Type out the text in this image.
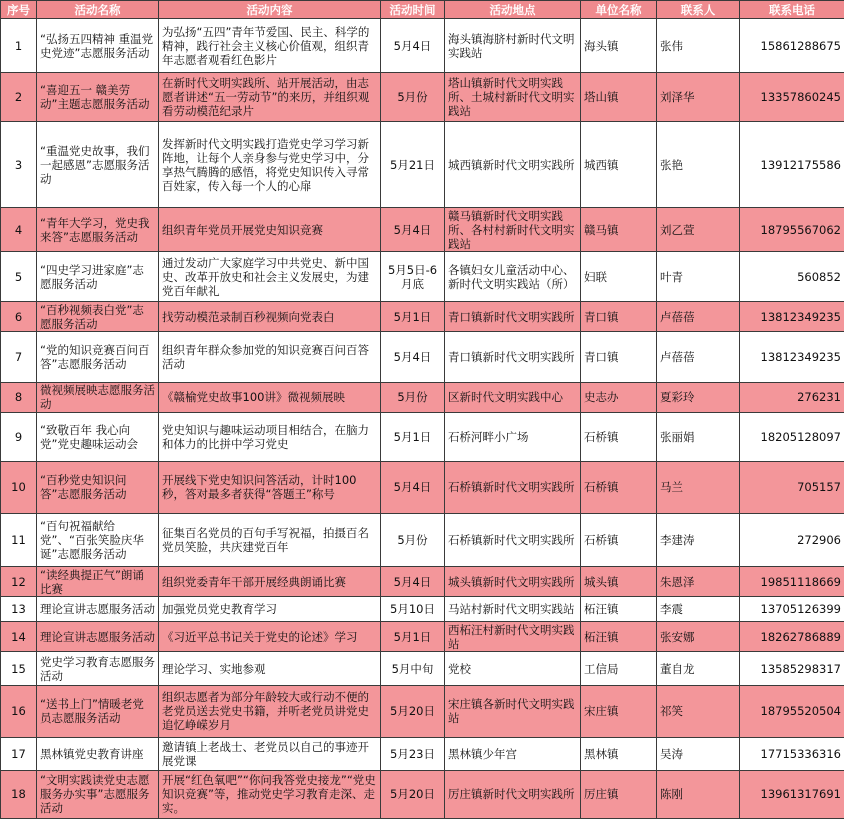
序号	活动名称	活动内容	活动时间	活动地点	单位名称	联系人	联系电话
1	“弘扬五四精神 重温党史党迹”志愿服务活动	为弘扬“五四”青年节爱国、民主、科学的精神，践行社会主义核心价值观，组织青年志愿者观看红色影片	5月4日	海头镇海脐村新时代文明实践站	海头镇	张伟	15861288675
2	“喜迎五一 赣美劳动”主题志愿服务活动	在新时代文明实践所、站开展活动，由志愿者讲述“五一劳动节”的来历，并组织观看劳动模范纪录片	5月份	塔山镇新时代文明实践所、土城村新时代文明实践站	塔山镇	刘泽华	13357860245
3	“重温党史故事，我们一起感恩”志愿服务活动	发挥新时代文明实践打造党史学习学习新阵地，让每个人亲身参与党史学习中，分享热气腾腾的感悟，将党史知识传入寻常百姓家，传入每一个人的心扉	5月21日	城西镇新时代文明实践所	城西镇	张艳	13912175586
4	“青年大学习，党史我来答”志愿服务活动	组织青年党员开展党史知识竞赛	5月4日	赣马镇新时代文明实践所、各村村新时代文明实践站	赣马镇	刘乙萱	18795567062
5	“四史学习进家庭”志愿服务活动	通过发动广大家庭学习中共党史、新中国史、改革开放史和社会主义发展史，为建党百年献礼	5月5日-6月底	各镇妇女儿童活动中心、新时代文明实践站（所）	妇联	叶青	560852
6	“百秒视频表白党”志愿服务活动	找劳动模范录制百秒视频向党表白	5月1日	青口镇新时代文明实践所	青口镇	卢蓓蓓	13812349235
7	“党的知识竞赛百问百答”志愿服务活动	组织青年群众参加党的知识竞赛百问百答活动	5月4日	青口镇新时代文明实践所	青口镇	卢蓓蓓	13812349235
8	微视频展映志愿服务活动	《赣榆党史故事100讲》微视频展映	5月份	区新时代文明实践中心	史志办	夏彩玲	276231
9	“致敬百年 我心向党”党史趣味运动会	党史知识与趣味运动项目相结合，在脑力和体力的比拼中学习党史	5月1日	石桥河畔小广场	石桥镇	张丽娟	18205128097
10	“百秒党史知识问答”志愿服务活动	开展线下党史知识问答活动，计时100秒，答对最多者获得“答题王”称号	5月4日	石桥镇新时代文明实践所	石桥镇	马兰	705157
11	“百句祝福献给党”、“百张笑脸庆华诞”志愿服务活动	征集百名党员的百句手写祝福，拍摄百名党员笑脸，共庆建党百年	5月份	石桥镇新时代文明实践所	石桥镇	李建涛	272906
12	“读经典提正气”朗诵比赛	组织党委青年干部开展经典朗诵比赛	5月4日	城头镇新时代文明实践所	城头镇	朱恩泽	19851118669
13	理论宣讲志愿服务活动	加强党员党史教育学习	5月10日	马站村新时代文明实践站	柘汪镇	李震	13705126399
14	理论宣讲志愿服务活动	《习近平总书记关于党史的论述》学习	5月1日	西柘汪村新时代文明实践站	柘汪镇	张安娜	18262786889
15	党史学习教育志愿服务活动	理论学习、实地参观	5月中旬	党校	工信局	董自龙	13585298317
16	“送书上门”情暖老党员志愿服务活动	组织志愿者为部分年龄较大或行动不便的老党员送去党史书籍，并听老党员讲党史追忆峥嵘岁月	5月20日	宋庄镇各新时代文明实践站	宋庄镇	祁笑	18795520504
17	黑林镇党史教育讲座	邀请镇上老战士、老党员以自己的事迹开展党课	5月23日	黑林镇少年宫	黑林镇	吴涛	17715336316
18	“文明实践读党史志愿服务办实事”志愿服务活动	开展“红色氧吧”“你问我答党史接龙”“党史知识竞赛”等，推动党史学习教育走深、走实。	5月20日	厉庄镇新时代文明实践所	厉庄镇	陈刚	13961317691
